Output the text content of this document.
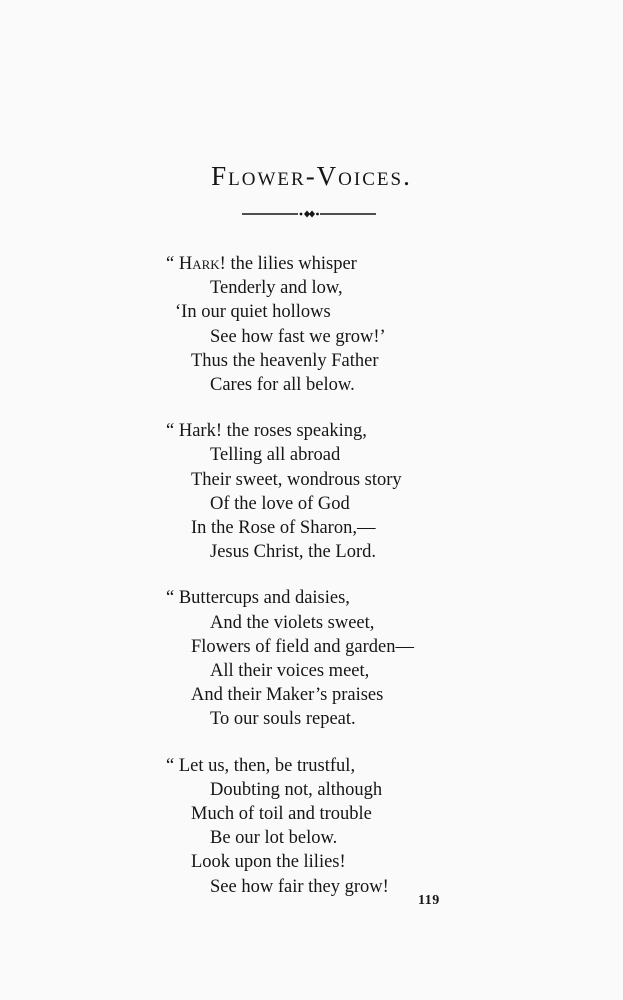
Flower-Voices.
“ Hark! the lilies whisper
Tenderly and low,
‘In our quiet hollows
See how fast we grow!’
Thus the heavenly Father
Cares for all below.
“ Hark! the roses speaking,
Telling all abroad
Their sweet, wondrous story
Of the love of God
In the Rose of Sharon,—
Jesus Christ, the Lord.
“ Buttercups and daisies,
And the violets sweet,
Flowers of field and garden—
All their voices meet,
And their Maker’s praises
To our souls repeat.
“ Let us, then, be trustful,
Doubting not, although
Much of toil and trouble
Be our lot below.
Look upon the lilies!
See how fair they grow!
119
